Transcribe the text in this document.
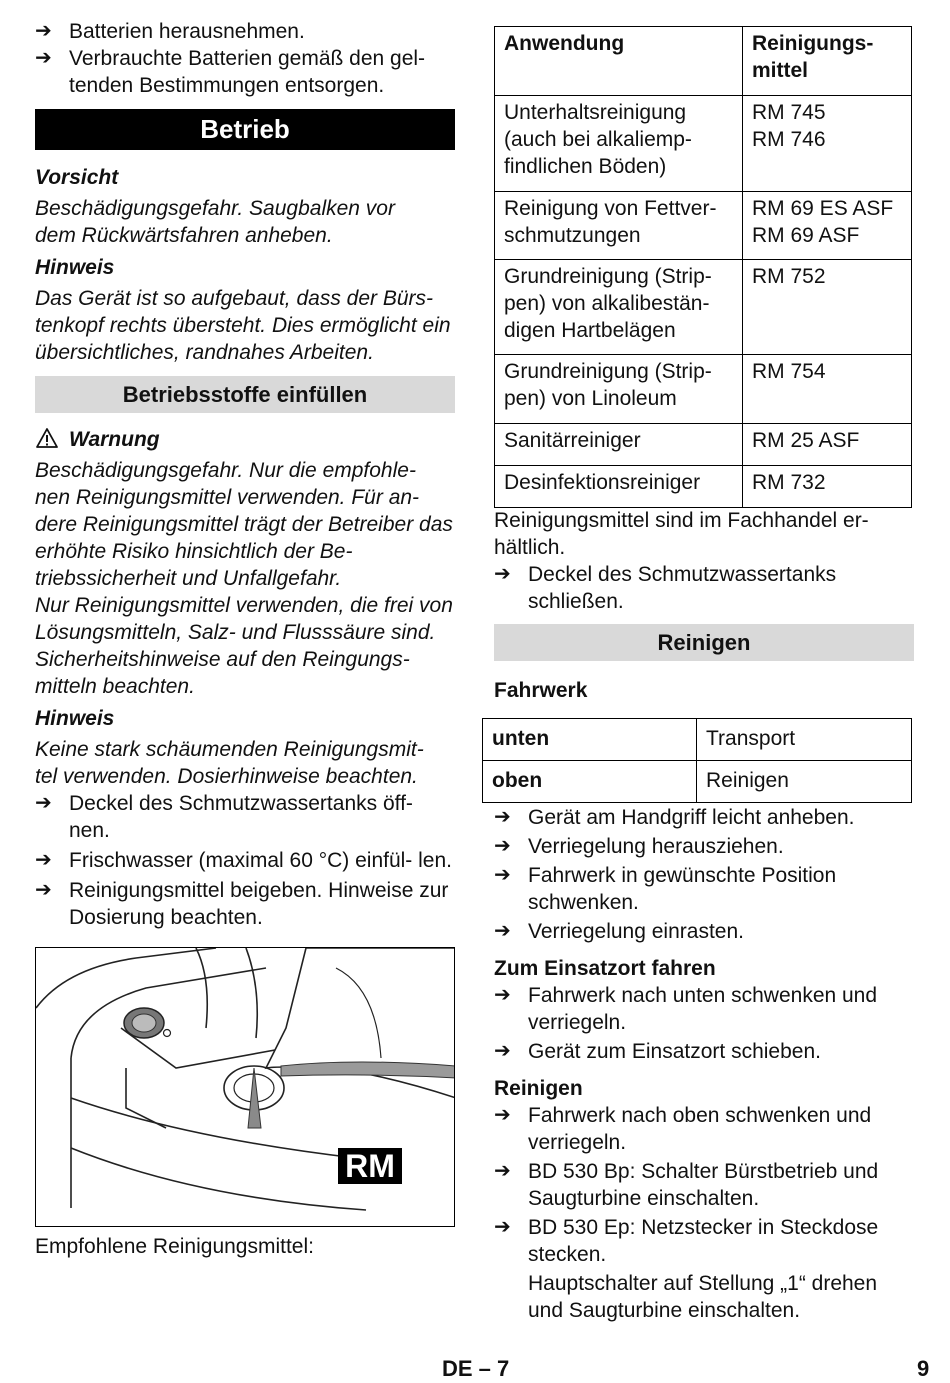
➔ Batterien herausnehmen.
➔ Verbrauchte Batterien gemäß den gel- tenden Bestimmungen entsorgen.
Betrieb
Vorsicht
Beschädigungsgefahr. Saugbalken vor dem Rückwärtsfahren anheben.
Hinweis
Das Gerät ist so aufgebaut, dass der Bürs- tenkopf rechts übersteht. Dies ermöglicht ein übersichtliches, randnahes Arbeiten.
Betriebsstoffe einfüllen
Warnung
Beschädigungsgefahr. Nur die empfohle- nen Reinigungsmittel verwenden. Für an- dere Reinigungsmittel trägt der Betreiber das erhöhte Risiko hinsichtlich der Be- triebssicherheit und Unfallgefahr.
Nur Reinigungsmittel verwenden, die frei von Lösungsmitteln, Salz- und Flusssäure sind.
Sicherheitshinweise auf den Reingungs- mitteln beachten.
Hinweis
Keine stark schäumenden Reinigungsmit- tel verwenden. Dosierhinweise beachten.
➔ Deckel des Schmutzwassertanks öff- nen.
➔ Frischwasser (maximal 60 °C) einfül- len.
➔ Reinigungsmittel beigeben. Hinweise zur Dosierung beachten.
RM
Empfohlene Reinigungsmittel:
Anwendung	Reinigungs- mittel
Unterhaltsreinigung (auch bei alkaliemp- findlichen Böden)	RM 745
RM 746
Reinigung von Fettver- schmutzungen	RM 69 ES ASF
RM 69 ASF
Grundreinigung (Strip- pen) von alkalibestän- digen Hartbelägen	RM 752
Grundreinigung (Strip- pen) von Linoleum	RM 754
Sanitärreiniger	RM 25 ASF
Desinfektionsreiniger	RM 732
Reinigungsmittel sind im Fachhandel er- hältlich.
➔ Deckel des Schmutzwassertanks schließen.
Reinigen
Fahrwerk
unten	Transport
oben	Reinigen
➔ Gerät am Handgriff leicht anheben.
➔ Verriegelung herausziehen.
➔ Fahrwerk in gewünschte Position schwenken.
➔ Verriegelung einrasten.
Zum Einsatzort fahren
➔ Fahrwerk nach unten schwenken und verriegeln.
➔ Gerät zum Einsatzort schieben.
Reinigen
➔ Fahrwerk nach oben schwenken und verriegeln.
➔ BD 530 Bp: Schalter Bürstbetrieb und Saugturbine einschalten.
➔ BD 530 Ep: Netzstecker in Steckdose stecken.
Hauptschalter auf Stellung „1“ drehen und Saugturbine einschalten.
DE – 7	9
